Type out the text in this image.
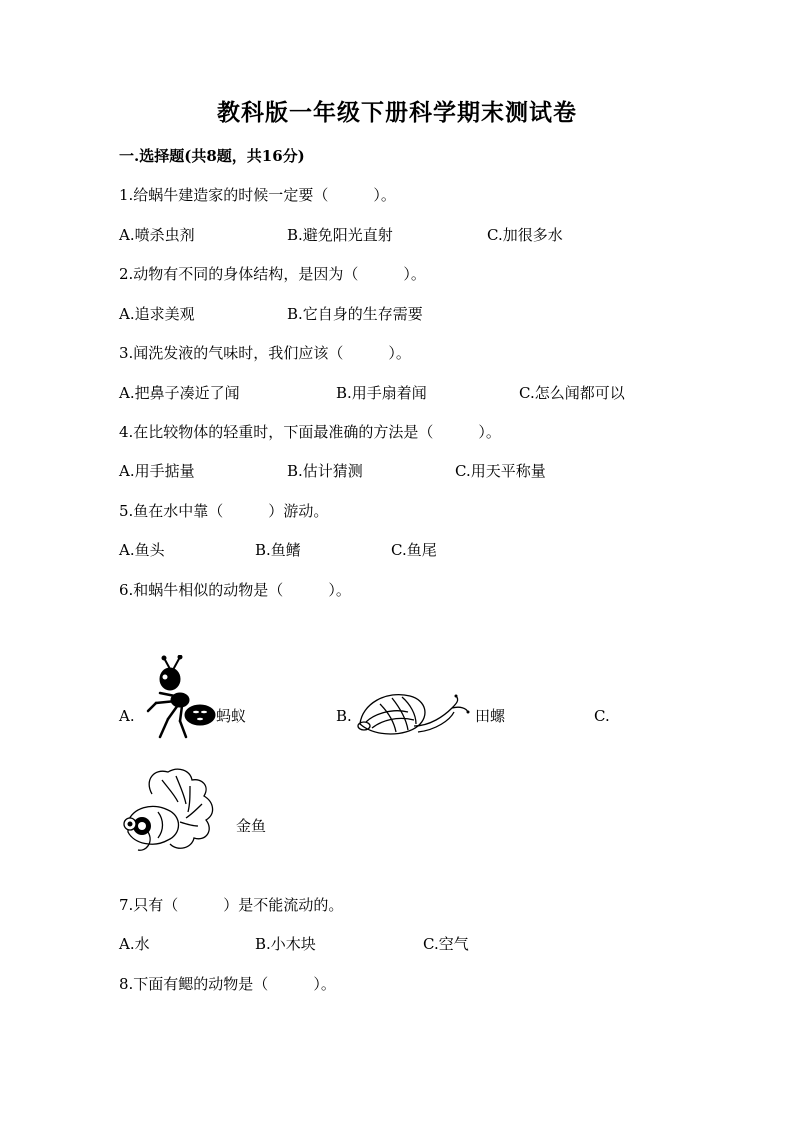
教科版一年级下册科学期末测试卷
一.选择题(共8题，共16分)
1.给蜗牛建造家的时候一定要（　　　）。
A.喷杀虫剂	B.避免阳光直射	C.加很多水
2.动物有不同的身体结构，是因为（　　　）。
A.追求美观	B.它自身的生存需要
3.闻洗发液的气味时，我们应该（　　　）。
A.把鼻子凑近了闻	B.用手扇着闻	C.怎么闻都可以
4.在比较物体的轻重时，下面最准确的方法是（　　　）。
A.用手掂量	B.估计猜测	C.用天平称量
5.鱼在水中靠（　　　）游动。
A.鱼头	B.鱼鳍	C.鱼尾
6.和蜗牛相似的动物是（　　　）。
A.	蚂蚁	B.	田螺	C.
金鱼
7.只有（　　　）是不能流动的。
A.水	B.小木块	C.空气
8.下面有鳃的动物是（　　　）。
